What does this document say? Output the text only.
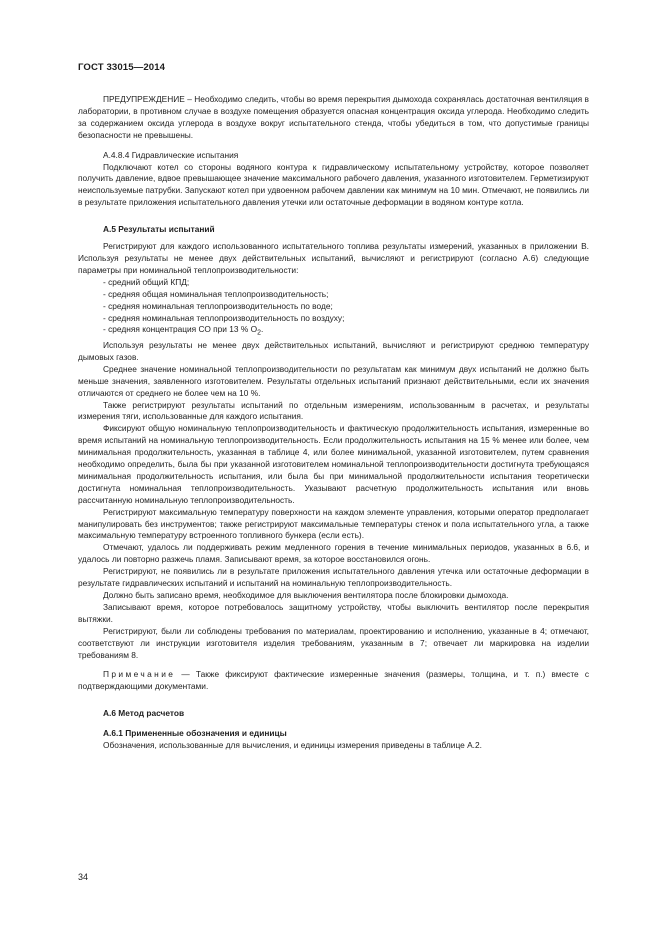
ГОСТ 33015—2014

ПРЕДУПРЕЖДЕНИЕ – Необходимо следить, чтобы во время перекрытия дымохода сохранялась достаточная вентиляция в лаборатории, в противном случае в воздухе помещения образуется опасная концентрация оксида углерода. Необходимо следить за содержанием оксида углерода в воздухе вокруг испытательного стенда, чтобы убедиться в том, что допустимые границы безопасности не превышены.

А.4.8.4 Гидравлические испытания

Подключают котел со стороны водяного контура к гидравлическому испытательному устройству, которое позволяет получить давление, вдвое превышающее значение максимального рабочего давления, указанного изготовителем. Герметизируют неиспользуемые патрубки. Запускают котел при удвоенном рабочем давлении как минимум на 10 мин. Отмечают, не появились ли в результате приложения испытательного давления утечки или остаточные деформации в водяном контуре котла.

А.5 Результаты испытаний

Регистрируют для каждого использованного испытательного топлива результаты измерений, указанных в приложении В. Используя результаты не менее двух действительных испытаний, вычисляют и регистрируют (согласно А.6) следующие параметры при номинальной теплопроизводительности:

- средний общий КПД;
- средняя общая номинальная теплопроизводительность;
- средняя номинальная теплопроизводительность по воде;
- средняя номинальная теплопроизводительность по воздуху;
- средняя концентрация СО при 13 % $О_2$.

Используя результаты не менее двух действительных испытаний, вычисляют и регистрируют среднюю температуру дымовых газов.

Среднее значение номинальной теплопроизводительности по результатам как минимум двух испытаний не должно быть меньше значения, заявленного изготовителем. Результаты отдельных испытаний признают действительными, если их значения отличаются от среднего не более чем на 10 %.

Также регистрируют результаты испытаний по отдельным измерениям, использованным в расчетах, и результаты измерения тяги, использованные для каждого испытания.

Фиксируют общую номинальную теплопроизводительность и фактическую продолжительность испытания, измеренные во время испытаний на номинальную теплопроизводительность. Если продолжительность испытания на 15 % менее или более, чем минимальная продолжительность, указанная в таблице 4, или более минимальной, указанной изготовителем, путем сравнения необходимо определить, была бы при указанной изготовителем номинальной теплопроизводительности достигнута требующаяся минимальная продолжительность испытания, или была бы при минимальной продолжительности испытания теоретически достигнута номинальная теплопроизводительность. Указывают расчетную продолжительность испытания или вновь рассчитанную номинальную теплопроизводительность.

Регистрируют максимальную температуру поверхности на каждом элементе управления, которыми оператор предполагает манипулировать без инструментов; также регистрируют максимальные температуры стенок и пола испытательного угла, а также максимальную температуру встроенного топливного бункера (если есть).

Отмечают, удалось ли поддерживать режим медленного горения в течение минимальных периодов, указанных в 6.6, и удалось ли повторно разжечь пламя. Записывают время, за которое восстановился огонь.

Регистрируют, не появились ли в результате приложения испытательного давления утечка или остаточные деформации в результате гидравлических испытаний и испытаний на номинальную теплопроизводительность.

Должно быть записано время, необходимое для выключения вентилятора после блокировки дымохода.

Записывают время, которое потребовалось защитному устройству, чтобы выключить вентилятор после перекрытия вытяжки.

Регистрируют, были ли соблюдены требования по материалам, проектированию и исполнению, указанные в 4; отмечают, соответствуют ли инструкции изготовителя изделия требованиям, указанным в 7; отвечает ли маркировка на изделии требованиям 8.

Примечание — Также фиксируют фактические измеренные значения (размеры, толщина, и т. п.) вместе с подтверждающими документами.

А.6 Метод расчетов

А.6.1 Примененные обозначения и единицы

Обозначения, использованные для вычисления, и единицы измерения приведены в таблице А.2.

34
